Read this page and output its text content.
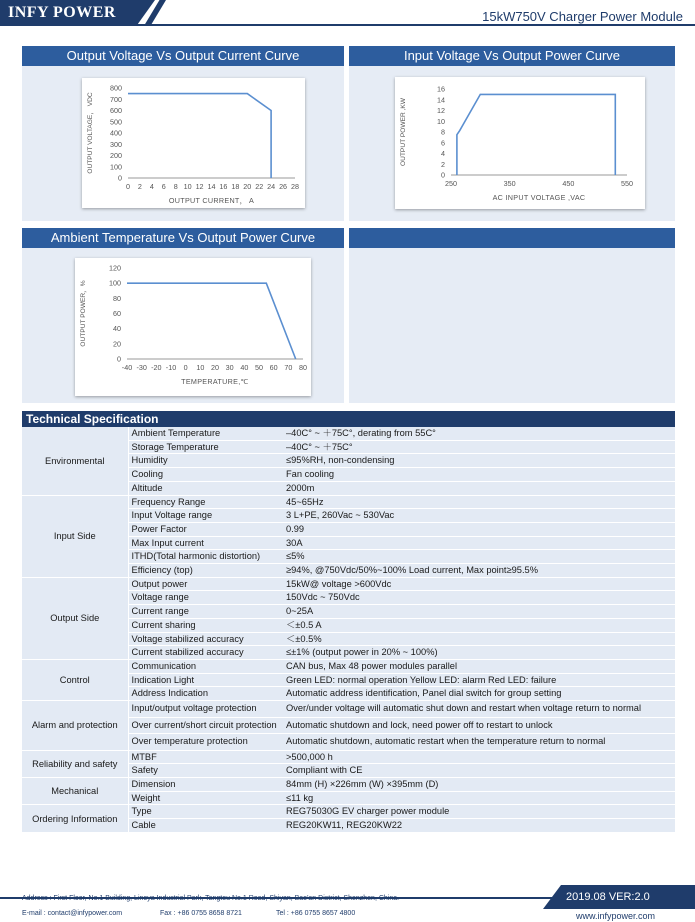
INFY POWER	15kW750V Charger Power Module
Output Voltage Vs Output Current Curve
0 2 4 6 8 10 12 14 16 18 20 22 24 26 28
0
100
200
300
400
500
600
700
800
OUTPUT CURRENT， A
OUTPUT VOLTAGE， VDC
Input Voltage Vs Output Power Curve
250	350	450	550
0
2
4
6
8
10
12
14
16
AC INPUT VOLTAGE ,VAC
OUTPUT POWER ,KW
Ambient Temperature Vs Output Power Curve
-40 -30 -20 -10 0 10 20 30 40 50 60 70 80
0
20
40
60
80
100
120
TEMPERATURE,℃
OUTPUT POWER，%
Technical Specification
Environmental	Ambient Temperature	‒40C° ~ ＋75C°, derating from 55C°
	Storage Temperature	‒40C° ~ ＋75C°
	Humidity	≤95%RH, non-condensing
	Cooling	Fan cooling
	Altitude	2000m
Input Side	Frequency Range	45~65Hz
	Input Voltage range	3 L+PE, 260Vac ~ 530Vac
	Power Factor	0.99
	Max Input current	30A
	ITHD(Total harmonic distortion)	≤5%
	Efficiency (top)	≥94%, @750Vdc/50%~100% Load current, Max point≥95.5%
Output Side	Output power	15kW@ voltage >600Vdc
	Voltage range	150Vdc ~ 750Vdc
	Current range	0~25A
	Current sharing	＜±0.5 A
	Voltage stabilized accuracy	＜±0.5%
	Current stabilized accuracy	≤±1% (output power in 20% ~ 100%)
Control	Communication	CAN bus, Max 48 power modules parallel
	Indication Light	Green LED: normal operation Yellow LED: alarm Red LED: failure
	Address Indication	Automatic address identification, Panel dial switch for group setting
Alarm and protection	Input/output voltage protection	Over/under voltage will automatic shut down and restart when voltage return to normal
	Over current/short circuit protection	Automatic shutdown and lock, need power off to restart to unlock
	Over temperature protection	Automatic shutdown, automatic restart when the temperature return to normal
Reliability and safety	MTBF	>500,000 h
	Safety	Compliant with CE
Mechanical	Dimension	84mm (H) ×226mm (W) ×395mm (D)
	Weight	≤11 kg
Ordering Information	Type	REG75030G EV charger power module
	Cable	REG20KW11, REG20KW22
2019.08 VER:2.0
Address : First Floor, No.1 Building, Linoya Industrial Park, Tangtou No.1 Road, Shiyan, Bao'an District, Shenzhen, China.
E-mail : contact@infypower.com	Fax : +86 0755 8658 8721	Tel : +86 0755 8657 4800	www.infypower.com
